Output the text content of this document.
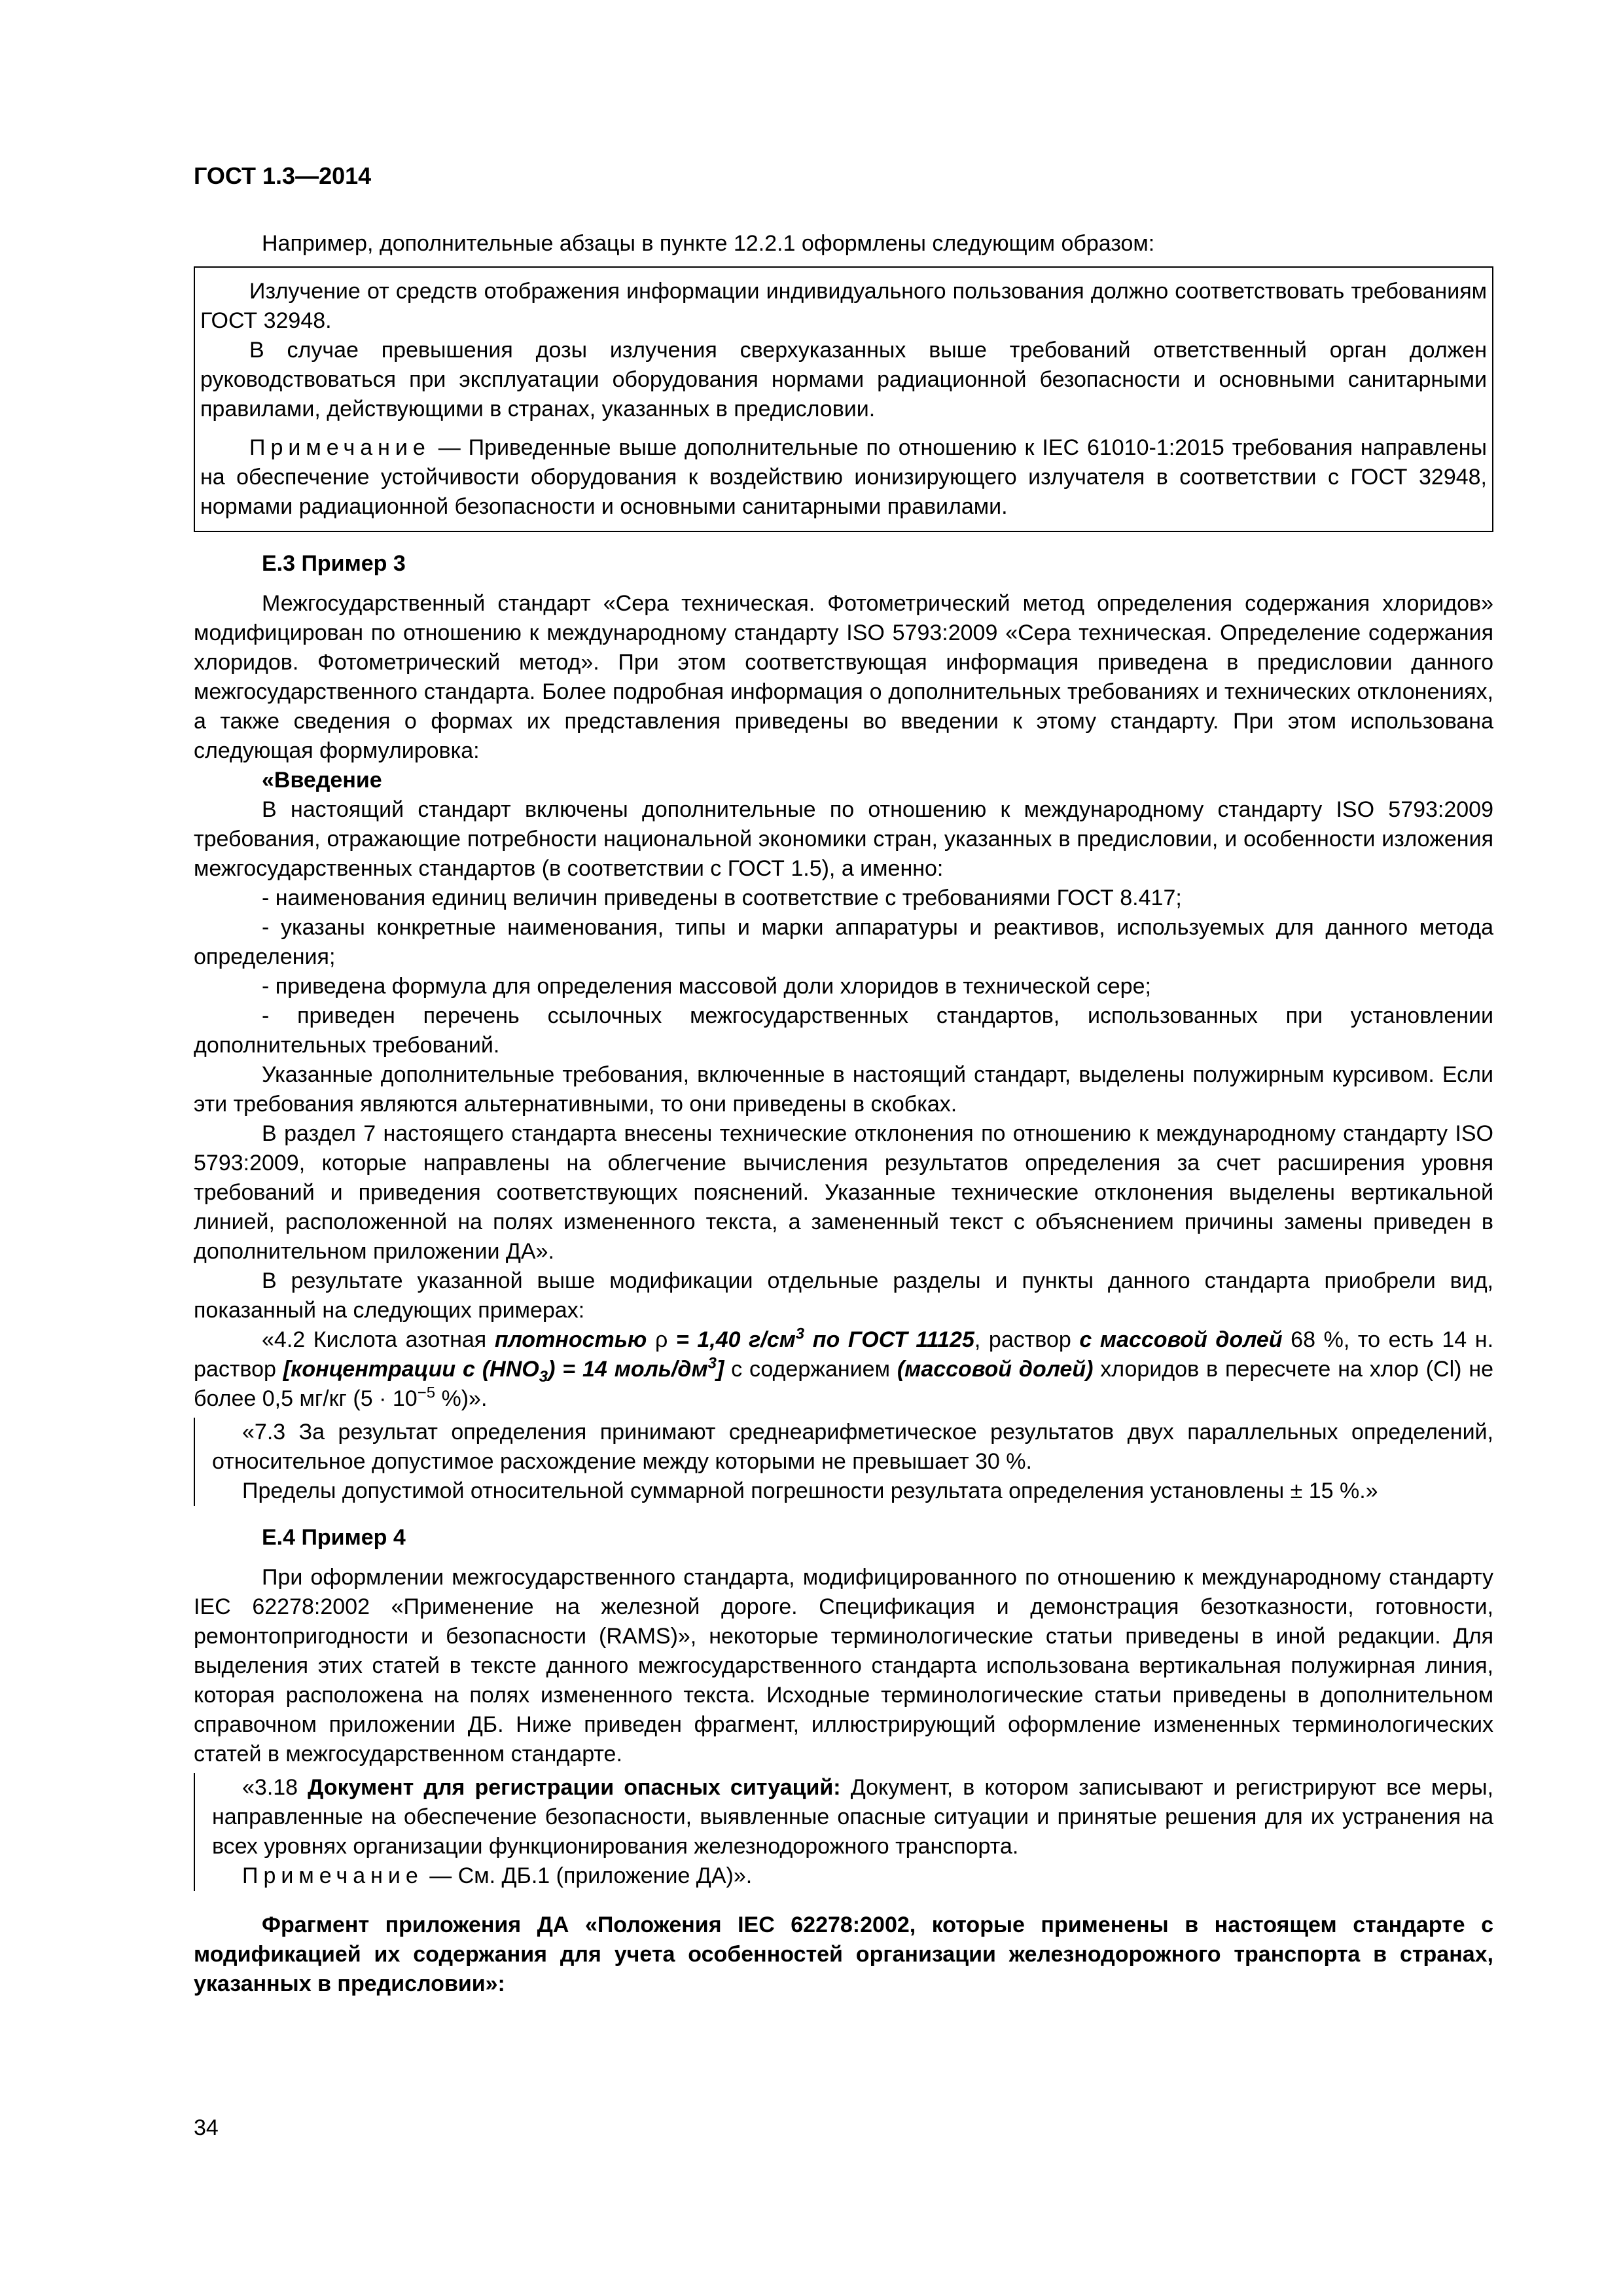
ГОСТ 1.3—2014

Например, дополнительные абзацы в пункте 12.2.1 оформлены следующим образом:

Излучение от средств отображения информации индивидуального пользования должно соответствовать требованиям ГОСТ 32948.

В случае превышения дозы излучения сверхуказанных выше требований ответственный орган должен руководствоваться при эксплуатации оборудования нормами радиационной безопасности и основными санитарными правилами, действующими в странах, указанных в предисловии.

Примечание — Приведенные выше дополнительные по отношению к IEC 61010-1:2015 требования направлены на обеспечение устойчивости оборудования к воздействию ионизирующего излучателя в соответствии с ГОСТ 32948, нормами радиационной безопасности и основными санитарными правилами.

Е.3 Пример 3

Межгосударственный стандарт «Сера техническая. Фотометрический метод определения содержания хлоридов» модифицирован по отношению к международному стандарту ISO 5793:2009 «Сера техническая. Определение содержания хлоридов. Фотометрический метод». При этом соответствующая информация приведена в предисловии данного межгосударственного стандарта. Более подробная информация о дополнительных требованиях и технических отклонениях, а также сведения о формах их представления приведены во введении к этому стандарту. При этом использована следующая формулировка:

«Введение

В настоящий стандарт включены дополнительные по отношению к международному стандарту ISO 5793:2009 требования, отражающие потребности национальной экономики стран, указанных в предисловии, и особенности изложения межгосударственных стандартов (в соответствии с ГОСТ 1.5), а именно:

- наименования единиц величин приведены в соответствие с требованиями ГОСТ 8.417;

- указаны конкретные наименования, типы и марки аппаратуры и реактивов, используемых для данного метода определения;

- приведена формула для определения массовой доли хлоридов в технической сере;

- приведен перечень ссылочных межгосударственных стандартов, использованных при установлении дополнительных требований.

Указанные дополнительные требования, включенные в настоящий стандарт, выделены полужирным курсивом. Если эти требования являются альтернативными, то они приведены в скобках.

В раздел 7 настоящего стандарта внесены технические отклонения по отношению к международному стандарту ISO 5793:2009, которые направлены на облегчение вычисления результатов определения за счет расширения уровня требований и приведения соответствующих пояснений. Указанные технические отклонения выделены вертикальной линией, расположенной на полях измененного текста, а замененный текст с объяснением причины замены приведен в дополнительном приложении ДА».

В результате указанной выше модификации отдельные разделы и пункты данного стандарта приобрели вид, показанный на следующих примерах:

«4.2 Кислота азотная плотностью ρ = 1,40 $г/см^3$ по ГОСТ 11125, раствор с массовой долей 68 %, то есть 14 н. раствор [концентрации с $(HNO_3) = 14$ моль/$дм^3$] с содержанием (массовой долей) хлоридов в пересчете на хлор (Cl) не более 0,5 мг/кг ($5 \cdot 10^{-5}$ %)».

«7.3 За результат определения принимают среднеарифметическое результатов двух параллельных определений, относительное допустимое расхождение между которыми не превышает 30 %.

Пределы допустимой относительной суммарной погрешности результата определения установлены ± 15 %.»

Е.4 Пример 4

При оформлении межгосударственного стандарта, модифицированного по отношению к международному стандарту IEC 62278:2002 «Применение на железной дороге. Спецификация и демонстрация безотказности, готовности, ремонтопригодности и безопасности (RAMS)», некоторые терминологические статьи приведены в иной редакции. Для выделения этих статей в тексте данного межгосударственного стандарта использована вертикальная полужирная линия, которая расположена на полях измененного текста. Исходные терминологические статьи приведены в дополнительном справочном приложении ДБ. Ниже приведен фрагмент, иллюстрирующий оформление измененных терминологических статей в межгосударственном стандарте.

«3.18 Документ для регистрации опасных ситуаций: Документ, в котором записывают и регистрируют все меры, направленные на обеспечение безопасности, выявленные опасные ситуации и принятые решения для их устранения на всех уровнях организации функционирования железнодорожного транспорта.

Примечание — См. ДБ.1 (приложение ДА)».

Фрагмент приложения ДА «Положения IEC 62278:2002, которые применены в настоящем стандарте с модификацией их содержания для учета особенностей организации железнодорожного транспорта в странах, указанных в предисловии»:

34
